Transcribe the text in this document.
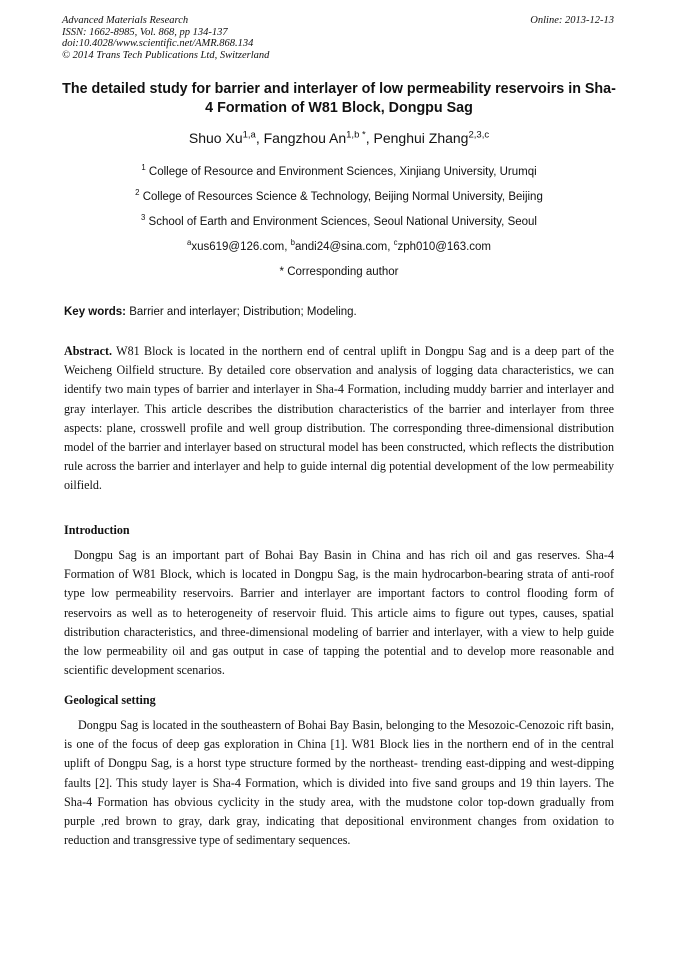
Advanced Materials Research
ISSN: 1662-8985, Vol. 868, pp 134-137
doi:10.4028/www.scientific.net/AMR.868.134
© 2014 Trans Tech Publications Ltd, Switzerland
Online: 2013-12-13
The detailed study for barrier and interlayer of low permeability reservoirs in Sha-4 Formation of W81 Block, Dongpu Sag
Shuo Xu$^{1,a}$, Fangzhou $An^{1,b *}$, Penghui Zhang$^{2,3,c}$
$^1$ College of Resource and Environment Sciences, Xinjiang University, Urumqi
$^2$ College of Resources Science & Technology, Beijing Normal University, Beijing
$^3$ School of Earth and Environment Sciences, Seoul National University, Seoul
$^a$xus619@126.com, $^b$andi24@sina.com, $^c$zph010@163.com
* Corresponding author
Key words: Barrier and interlayer; Distribution; Modeling.
Abstract. W81 Block is located in the northern end of central uplift in Dongpu Sag and is a deep part of the Weicheng Oilfield structure. By detailed core observation and analysis of logging data characteristics, we can identify two main types of barrier and interlayer in Sha-4 Formation, including muddy barrier and interlayer and gray interlayer. This article describes the distribution characteristics of the barrier and interlayer from three aspects: plane, crosswell profile and well group distribution. The corresponding three-dimensional distribution model of the barrier and interlayer based on structural model has been constructed, which reflects the distribution rule across the barrier and interlayer and help to guide internal dig potential development of the low permeability oilfield.
Introduction
Dongpu Sag is an important part of Bohai Bay Basin in China and has rich oil and gas reserves. Sha-4 Formation of W81 Block, which is located in Dongpu Sag, is the main hydrocarbon-bearing strata of anti-roof type low permeability reservoirs. Barrier and interlayer are important factors to control flooding form of reservoirs as well as to heterogeneity of reservoir fluid. This article aims to figure out types, causes, spatial distribution characteristics, and three-dimensional modeling of barrier and interlayer, with a view to help guide the low permeability oil and gas output in case of tapping the potential and to develop more reasonable and scientific development scenarios.
Geological setting
Dongpu Sag is located in the southeastern of Bohai Bay Basin, belonging to the Mesozoic-Cenozoic rift basin, is one of the focus of deep gas exploration in China [1]. W81 Block lies in the northern end of in the central uplift of Dongpu Sag, is a horst type structure formed by the northeast- trending east-dipping and west-dipping faults [2]. This study layer is Sha-4 Formation, which is divided into five sand groups and 19 thin layers. The Sha-4 Formation has obvious cyclicity in the study area, with the mudstone color top-down gradually from purple ,red brown to gray, dark gray, indicating that depositional environment changes from oxidation to reduction and transgressive type of sedimentary sequences.
